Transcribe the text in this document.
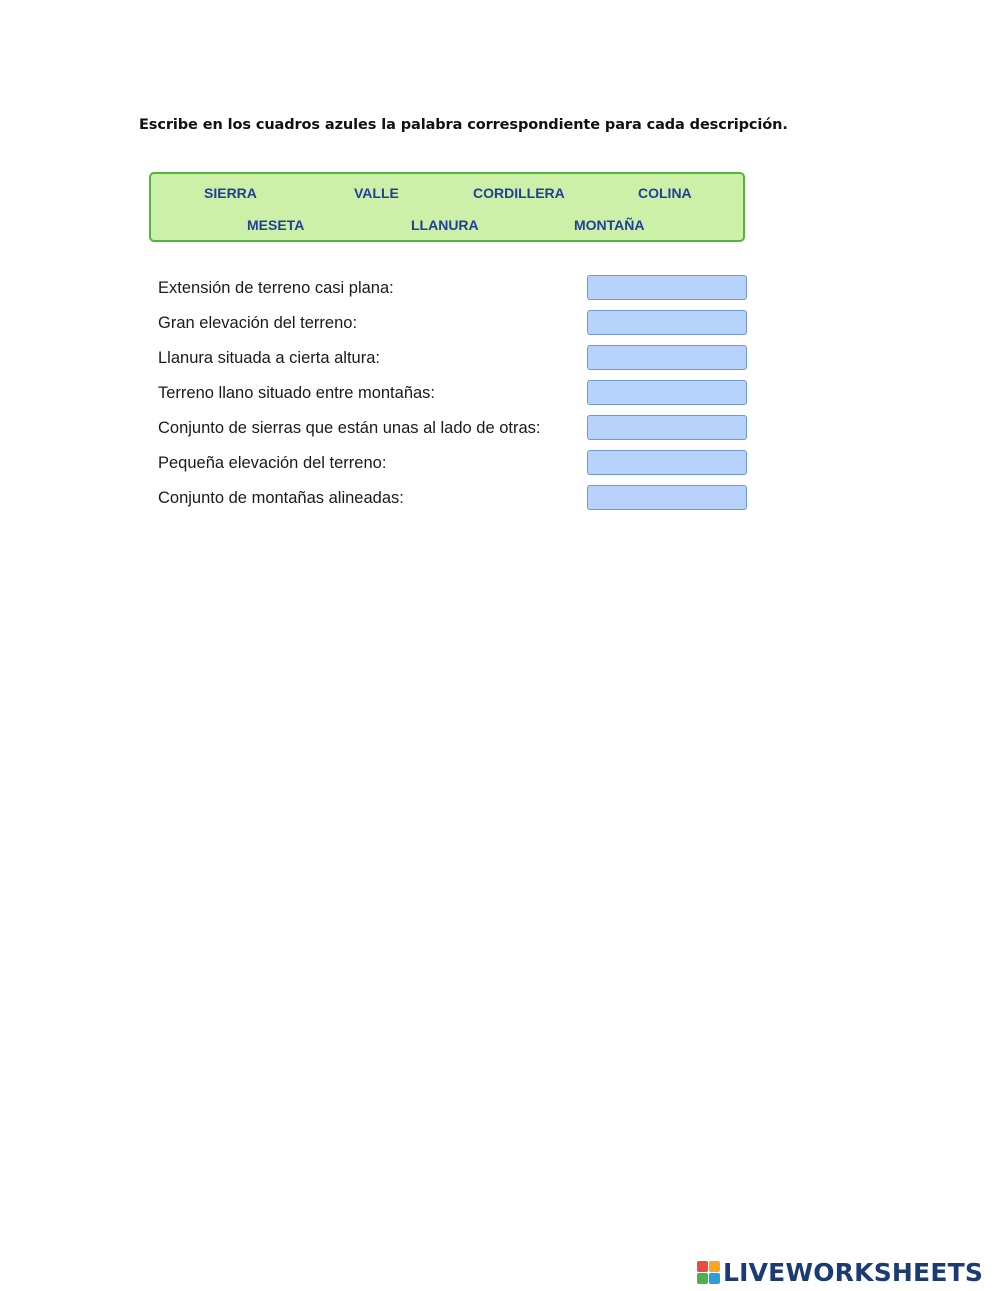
Escribe en los cuadros azules la palabra correspondiente para cada descripción.
SIERRA	VALLE	CORDILLERA	COLINA
MESETA	LLANURA	MONTAÑA
Extensión de terreno casi plana:
Gran elevación del terreno:
Llanura situada a cierta altura:
Terreno llano situado entre montañas:
Conjunto de sierras que están unas al lado de otras:
Pequeña elevación del terreno:
Conjunto de montañas alineadas:
LIVEWORKSHEETS
